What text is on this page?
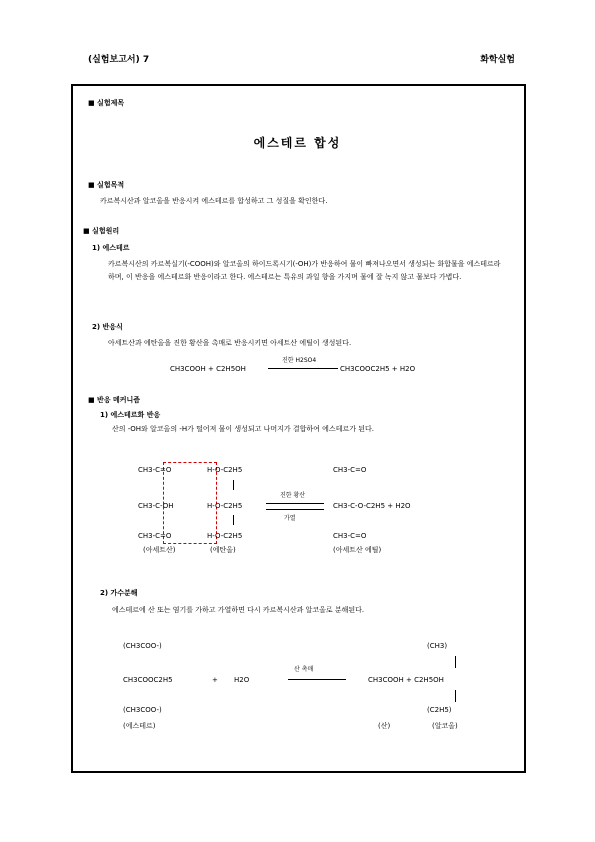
(실험보고서) 7	화학실험
■ 실험제목
에스테르 합성
■ 실험목적
카르복시산과 알코올을 반응시켜 에스테르를 합성하고 그 성질을 확인한다.
■ 실험원리
1) 에스테르
카르복시산의 카르복실기(-COOH)와 알코올의 하이드록시기(-OH)가 반응하여 물이 빠져나오면서 생성되는 화합물을 에스테르라 하며, 이 반응을 에스테르화 반응이라고 한다. 에스테르는 특유의 과일 향을 가지며 물에 잘 녹지 않고 물보다 가볍다.
2) 반응식
아세트산과 에탄올을 진한 황산을 촉매로 반응시키면 아세트산 에틸이 생성된다.
CH3COOH + C2H5OH
진한 H2SO4
CH3COOC2H5 + H2O
■ 반응 메커니즘
1) 에스테르화 반응
산의 -OH와 알코올의 -H가 떨어져 물이 생성되고 나머지가 결합하여 에스테르가 된다.
CH3-C=O	H-O-C2H5	CH3-C=O
CH3-C-OH	H-O-C2H5
진한 황산
가열
CH3-C-O-C2H5 + H2O
CH3-C=O	H-O-C2H5	CH3-C=O
(아세트산)	(에탄올)	(아세트산 에틸)
2) 가수분해
에스테르에 산 또는 염기를 가하고 가열하면 다시 카르복시산과 알코올로 분해된다.
(CH3COO-)	(CH3)
CH3COOC2H5	+ H2O
산 촉매
CH3COOH + C2H5OH
(CH3COO-)	(C2H5)
(에스테르)	(산)	(알코올)
